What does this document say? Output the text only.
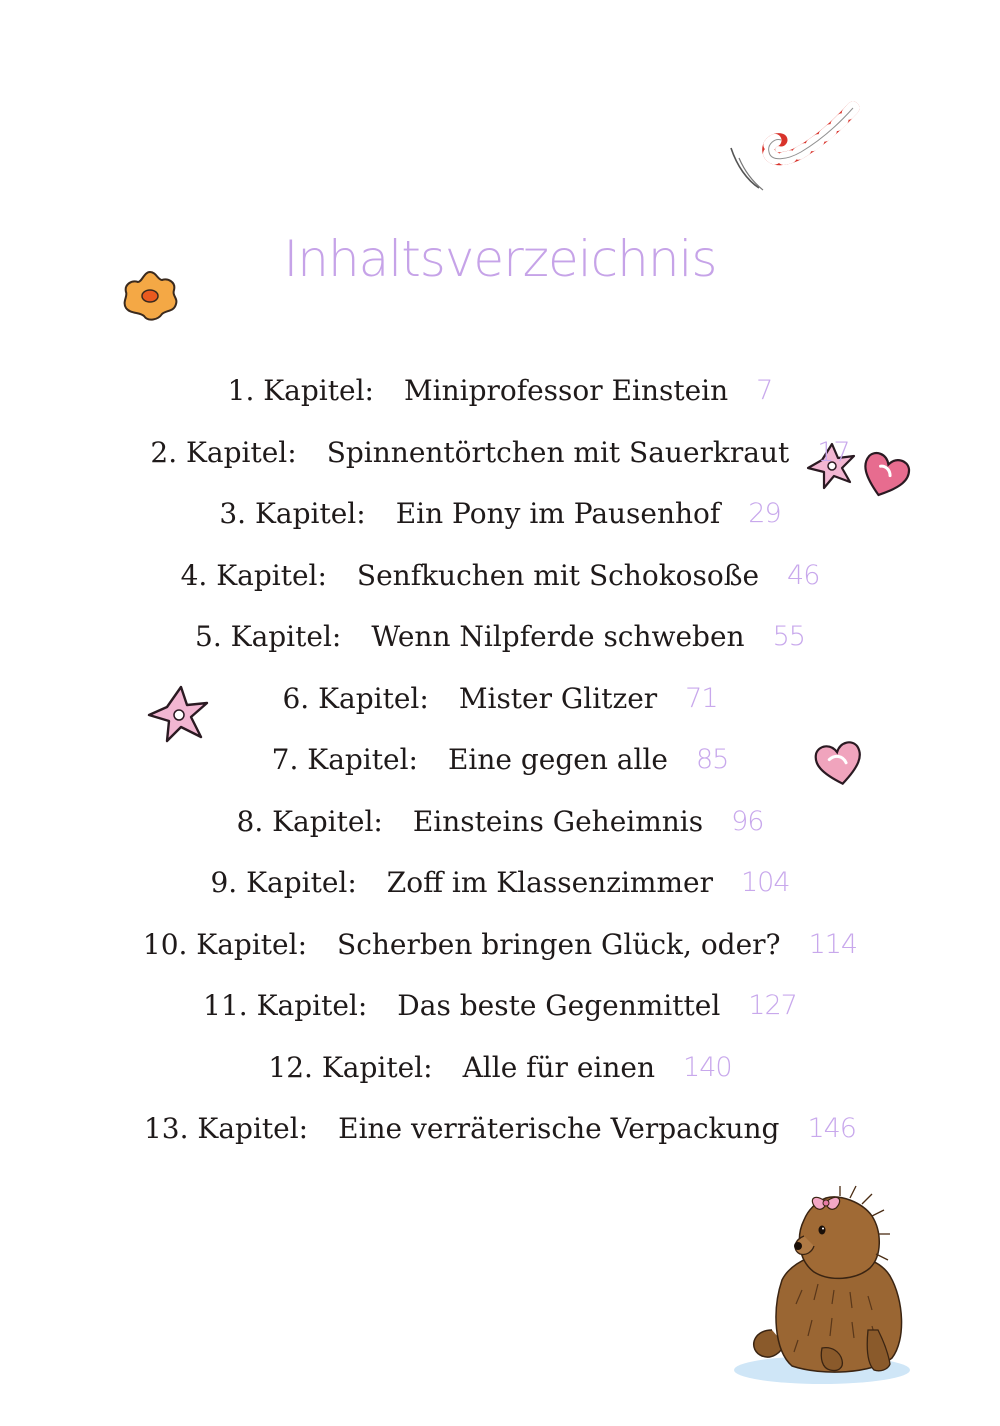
Inhaltsverzeichnis
1. Kapitel: Miniprofessor Einstein 7
2. Kapitel: Spinnentörtchen mit Sauerkraut 17
3. Kapitel: Ein Pony im Pausenhof 29
4. Kapitel: Senfkuchen mit Schokosoße 46
5. Kapitel: Wenn Nilpferde schweben 55
6. Kapitel: Mister Glitzer 71
7. Kapitel: Eine gegen alle 85
8. Kapitel: Einsteins Geheimnis 96
9. Kapitel: Zoff im Klassenzimmer 104
10. Kapitel: Scherben bringen Glück, oder? 114
11. Kapitel: Das beste Gegenmittel 127
12. Kapitel: Alle für einen 140
13. Kapitel: Eine verräterische Verpackung 146
